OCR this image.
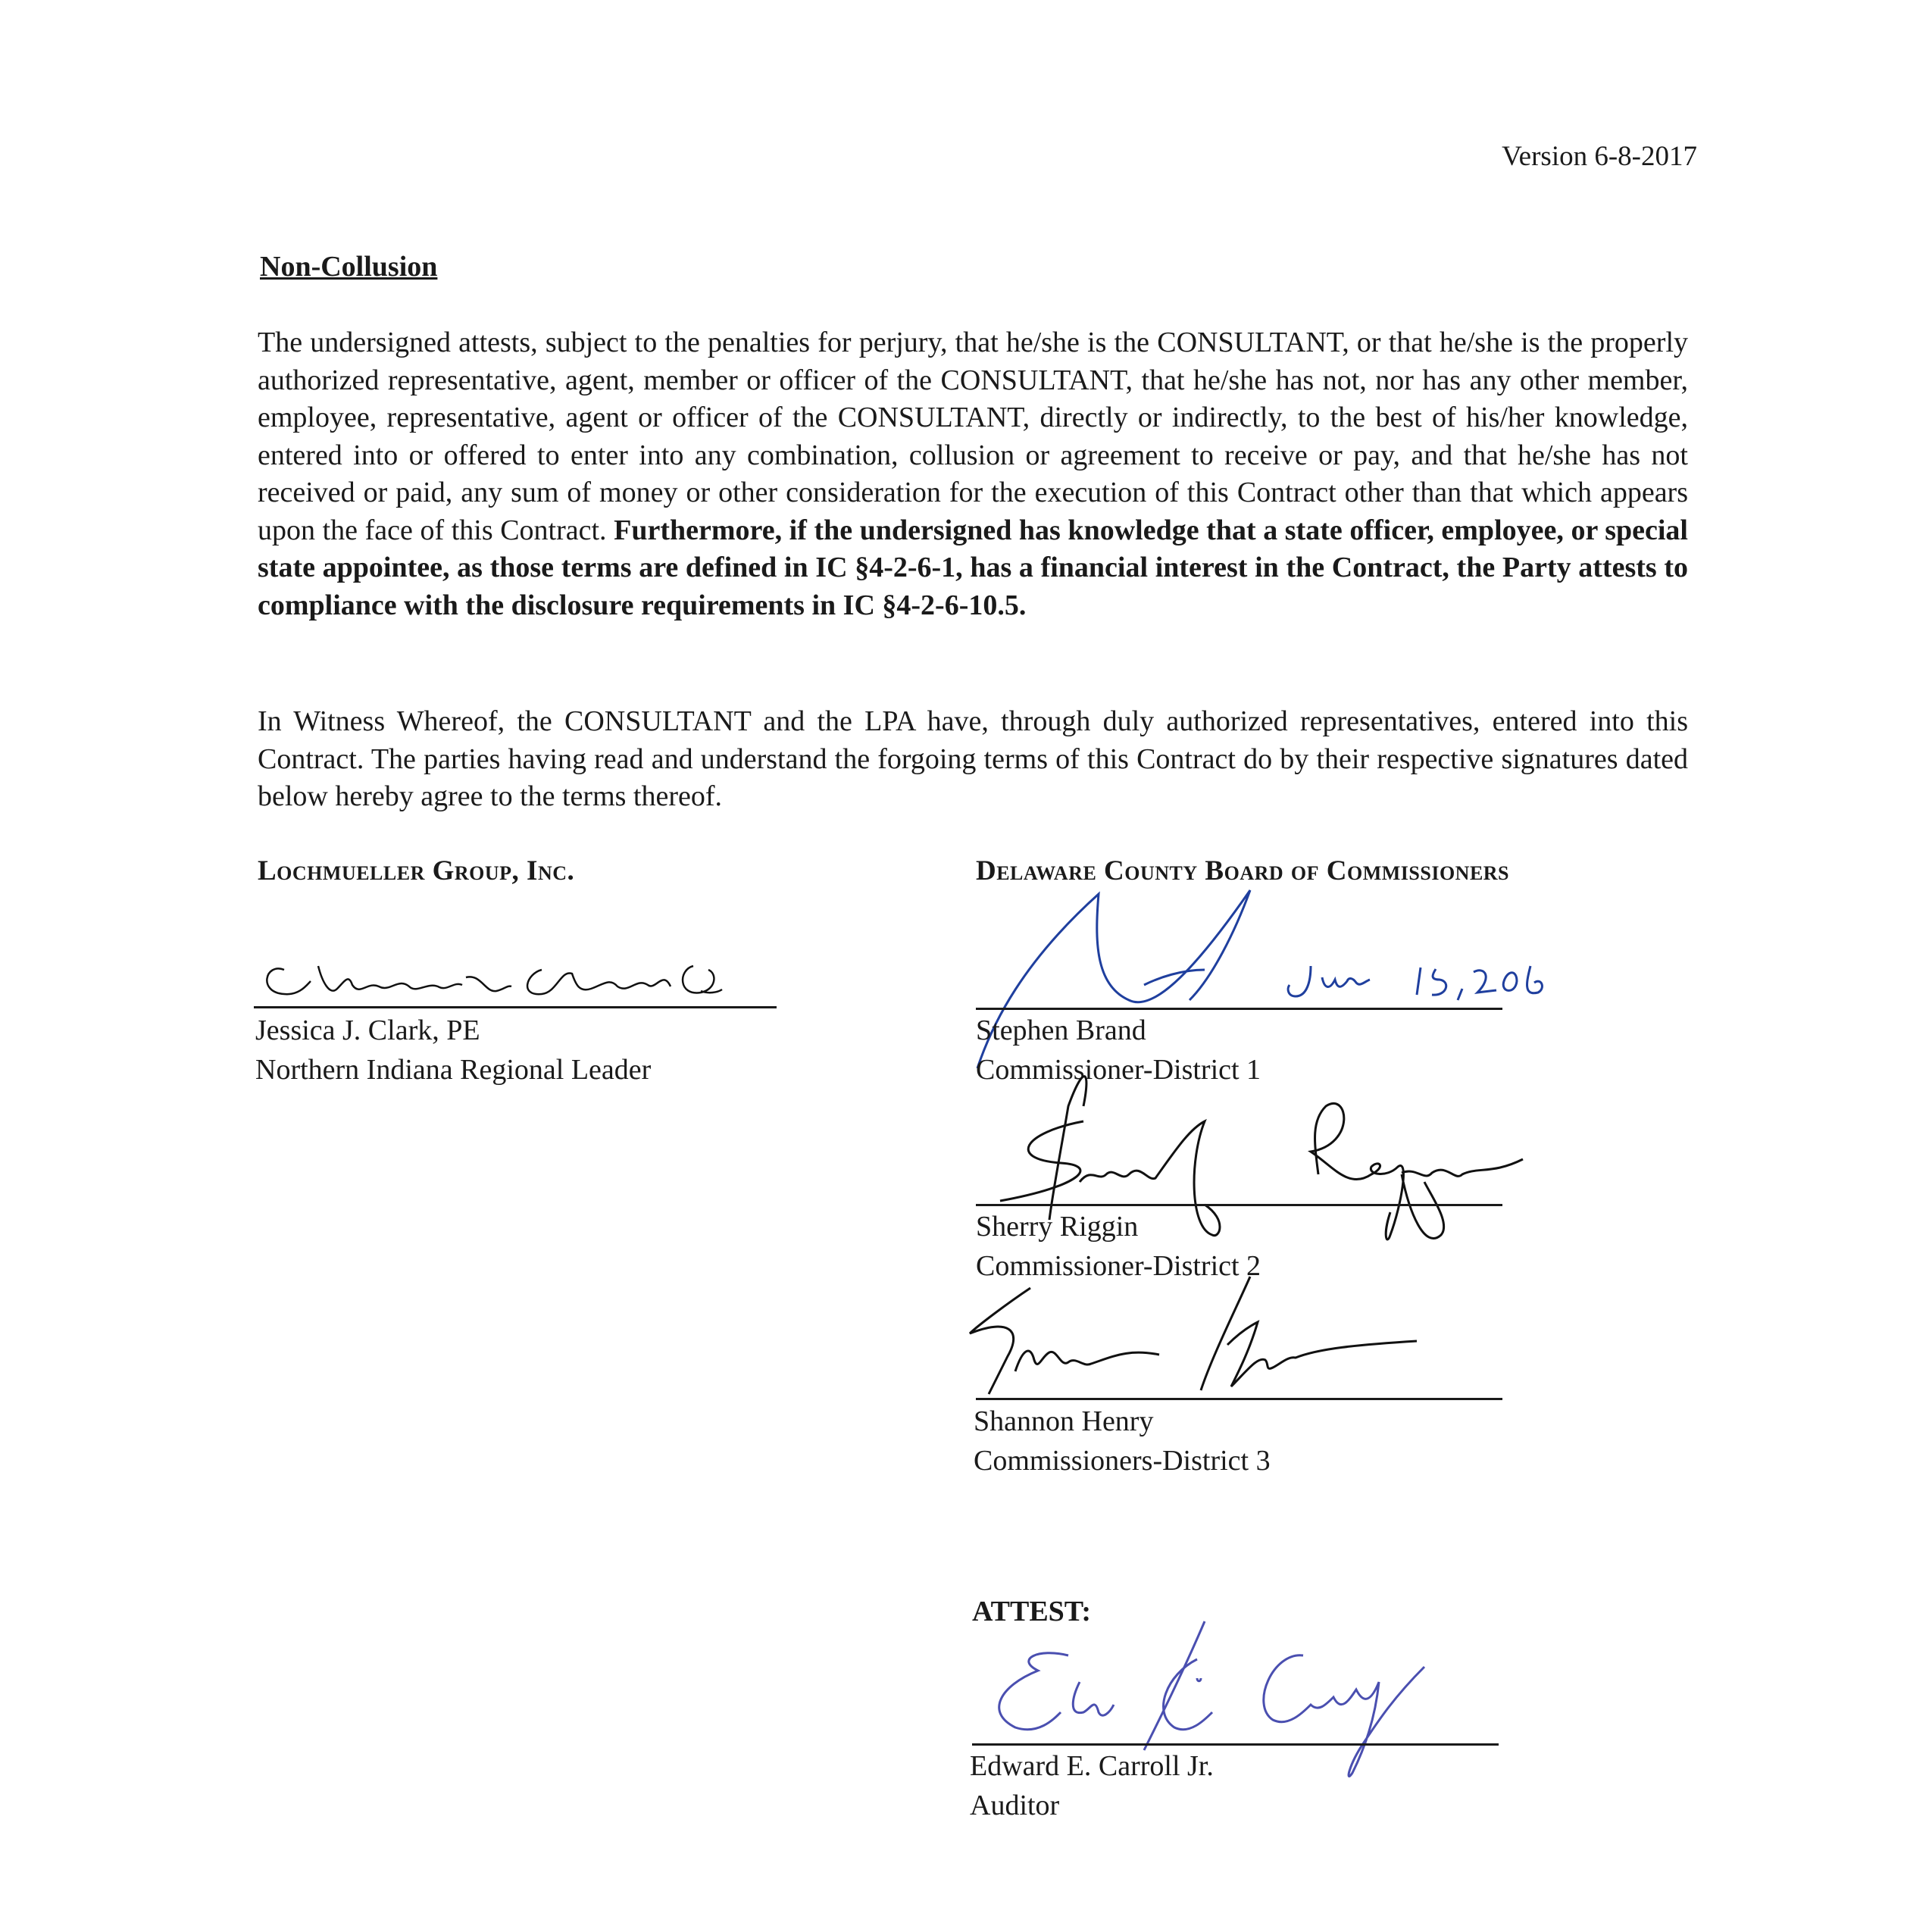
Version 6-8-2017
Non-Collusion
The undersigned attests, subject to the penalties for perjury, that he/she is the CONSULTANT, or that he/she is the properly authorized representative, agent, member or officer of the CONSULTANT, that he/she has not, nor has any other member, employee, representative, agent or officer of the CONSULTANT, directly or indirectly, to the best of his/her knowledge, entered into or offered to enter into any combination, collusion or agreement to receive or pay, and that he/she has not received or paid, any sum of money or other consideration for the execution of this Contract other than that which appears upon the face of this Contract. Furthermore, if the undersigned has knowledge that a state officer, employee, or special state appointee, as those terms are defined in IC §4-2-6-1, has a financial interest in the Contract, the Party attests to compliance with the disclosure requirements in IC §4-2-6-10.5.
In Witness Whereof, the CONSULTANT and the LPA have, through duly authorized representatives, entered into this Contract. The parties having read and understand the forgoing terms of this Contract do by their respective signatures dated below hereby agree to the terms thereof.
Lochmueller Group, Inc.	Delaware County Board of Commissioners
Jessica J. Clark, PE
Northern Indiana Regional Leader
Stephen Brand
Commissioner-District 1
Sherry Riggin
Commissioner-District 2
Shannon Henry
Commissioners-District 3
ATTEST:
Edward E. Carroll Jr.
Auditor
